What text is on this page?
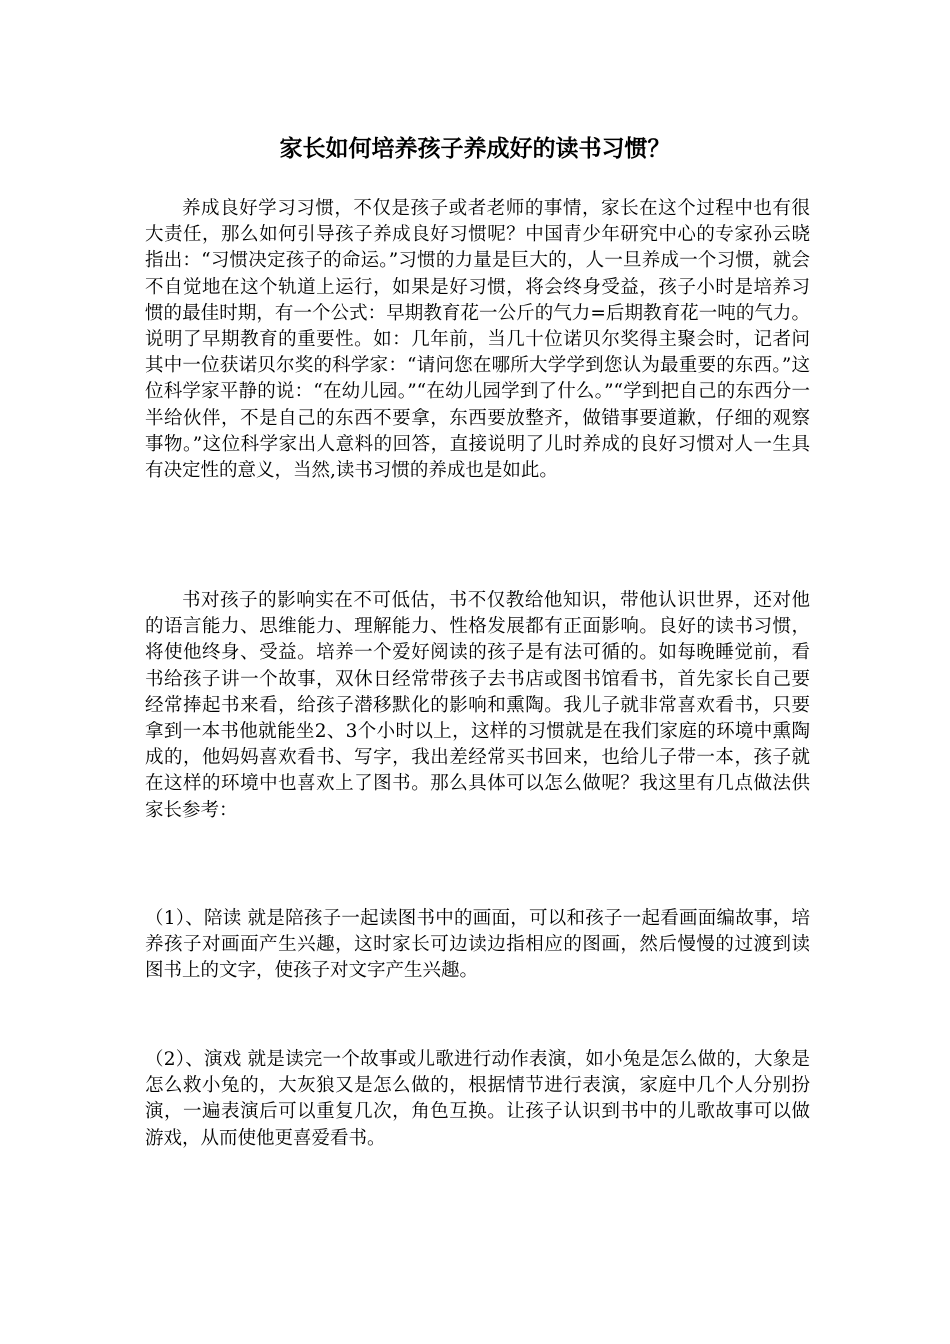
家长如何培养孩子养成好的读书习惯？

养成良好学习习惯，不仅是孩子或者老师的事情，家长在这个过程中也有很大责任，那么如何引导孩子养成良好习惯呢？中国青少年研究中心的专家孙云晓指出：“习惯决定孩子的命运。”习惯的力量是巨大的，人一旦养成一个习惯，就会不自觉地在这个轨道上运行，如果是好习惯，将会终身受益，孩子小时是培养习惯的最佳时期，有一个公式：早期教育花一公斤的气力=后期教育花一吨的气力。说明了早期教育的重要性。如：几年前，当几十位诺贝尔奖得主聚会时，记者问其中一位获诺贝尔奖的科学家：“请问您在哪所大学学到您认为最重要的东西。”这位科学家平静的说：“在幼儿园。”“在幼儿园学到了什么。”“学到把自己的东西分一半给伙伴，不是自己的东西不要拿，东西要放整齐，做错事要道歉，仔细的观察事物。”这位科学家出人意料的回答，直接说明了儿时养成的良好习惯对人一生具有决定性的意义，当然,读书习惯的养成也是如此。

书对孩子的影响实在不可低估，书不仅教给他知识，带他认识世界，还对他的语言能力、思维能力、理解能力、性格发展都有正面影响。良好的读书习惯，将使他终身、受益。培养一个爱好阅读的孩子是有法可循的。如每晚睡觉前，看书给孩子讲一个故事，双休日经常带孩子去书店或图书馆看书，首先家长自己要经常捧起书来看，给孩子潜移默化的影响和熏陶。我儿子就非常喜欢看书，只要拿到一本书他就能坐2、3个小时以上，这样的习惯就是在我们家庭的环境中熏陶成的，他妈妈喜欢看书、写字，我出差经常买书回来，也给儿子带一本，孩子就在这样的环境中也喜欢上了图书。那么具体可以怎么做呢？我这里有几点做法供家长参考：

（1）、陪读 就是陪孩子一起读图书中的画面，可以和孩子一起看画面编故事，培养孩子对画面产生兴趣，这时家长可边读边指相应的图画，然后慢慢的过渡到读图书上的文字，使孩子对文字产生兴趣。

（2）、演戏 就是读完一个故事或儿歌进行动作表演，如小兔是怎么做的，大象是怎么救小兔的，大灰狼又是怎么做的，根据情节进行表演，家庭中几个人分别扮演，一遍表演后可以重复几次，角色互换。让孩子认识到书中的儿歌故事可以做游戏，从而使他更喜爱看书。
